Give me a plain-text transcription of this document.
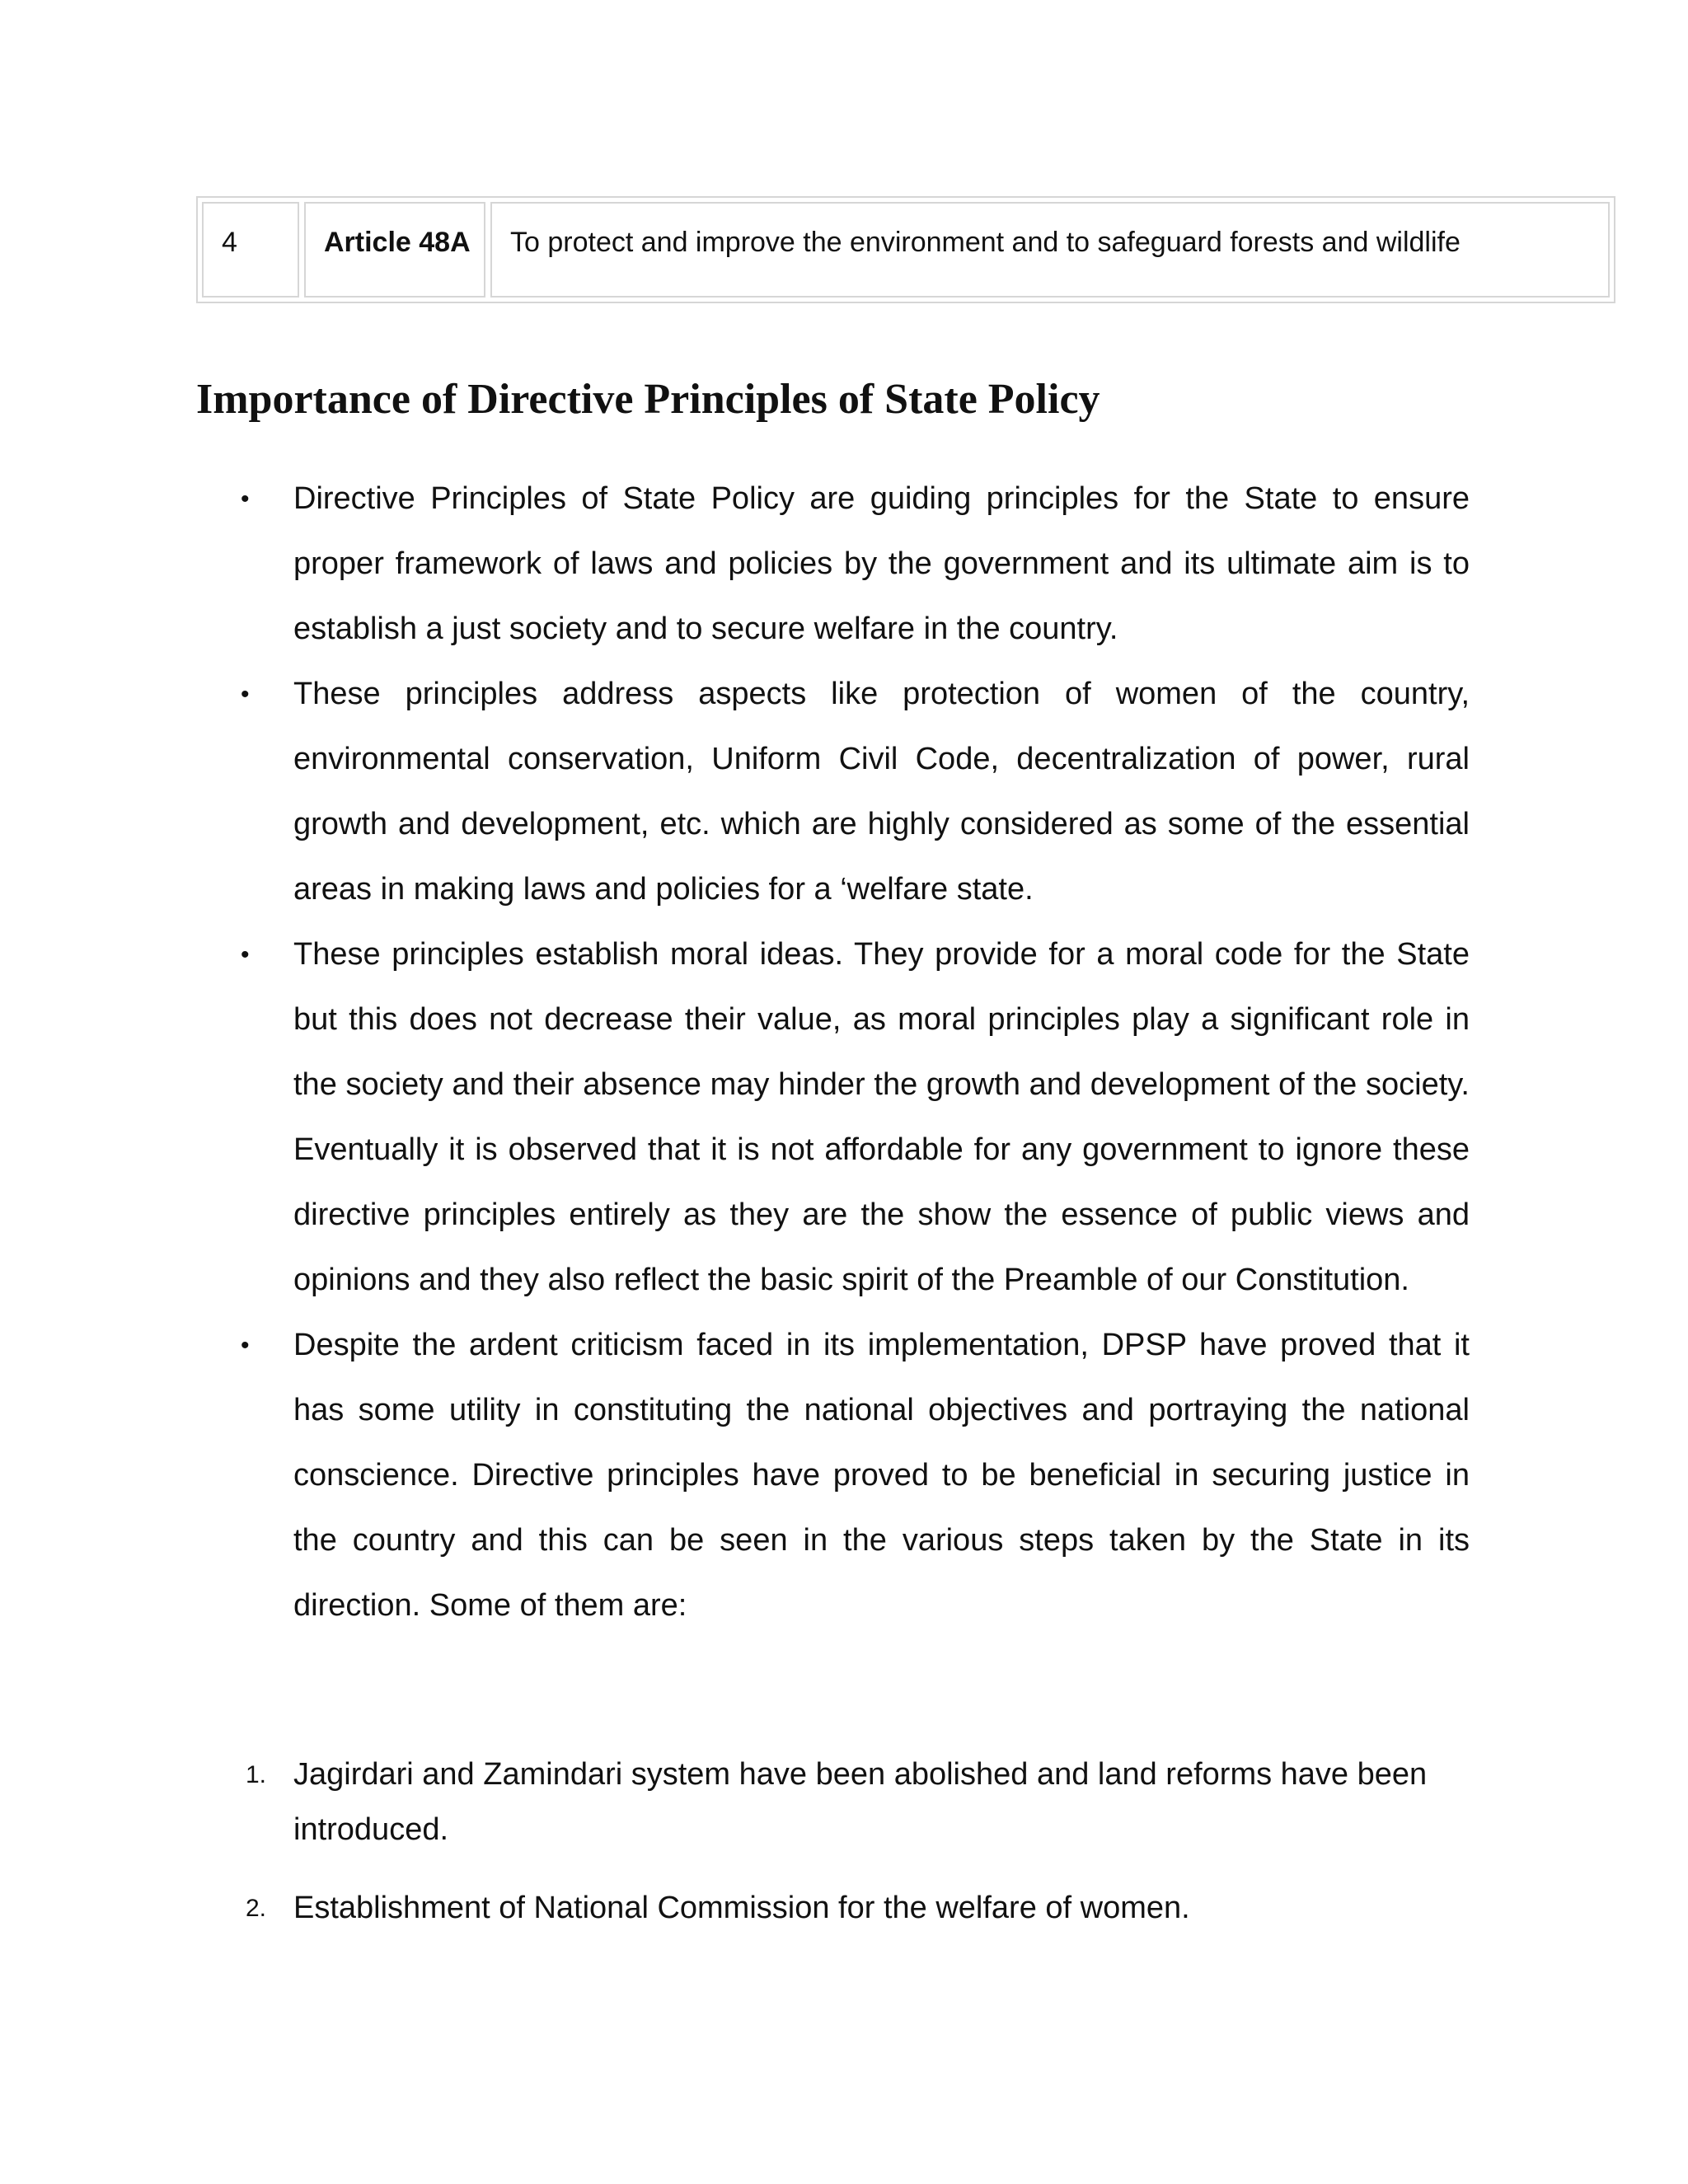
4	Article 48A	To protect and improve the environment and to safeguard forests and wildlife
Importance of Directive Principles of State Policy
• Directive Principles of State Policy are guiding principles for the State to ensure proper framework of laws and policies by the government and its ultimate aim is to establish a just society and to secure welfare in the country.
• These principles address aspects like protection of women of the country, environmental conservation, Uniform Civil Code, decentralization of power, rural growth and development, etc. which are highly considered as some of the essential areas in making laws and policies for a ‘welfare state.
• These principles establish moral ideas. They provide for a moral code for the State but this does not decrease their value, as moral principles play a significant role in the society and their absence may hinder the growth and development of the society. Eventually it is observed that it is not affordable for any government to ignore these directive principles entirely as they are the show the essence of public views and opinions and they also reflect the basic spirit of the Preamble of our Constitution.
• Despite the ardent criticism faced in its implementation, DPSP have proved that it has some utility in constituting the national objectives and portraying the national conscience. Directive principles have proved to be beneficial in securing justice in the country and this can be seen in the various steps taken by the State in its direction. Some of them are:
1. Jagirdari and Zamindari system have been abolished and land reforms have been introduced.
2. Establishment of National Commission for the welfare of women.
